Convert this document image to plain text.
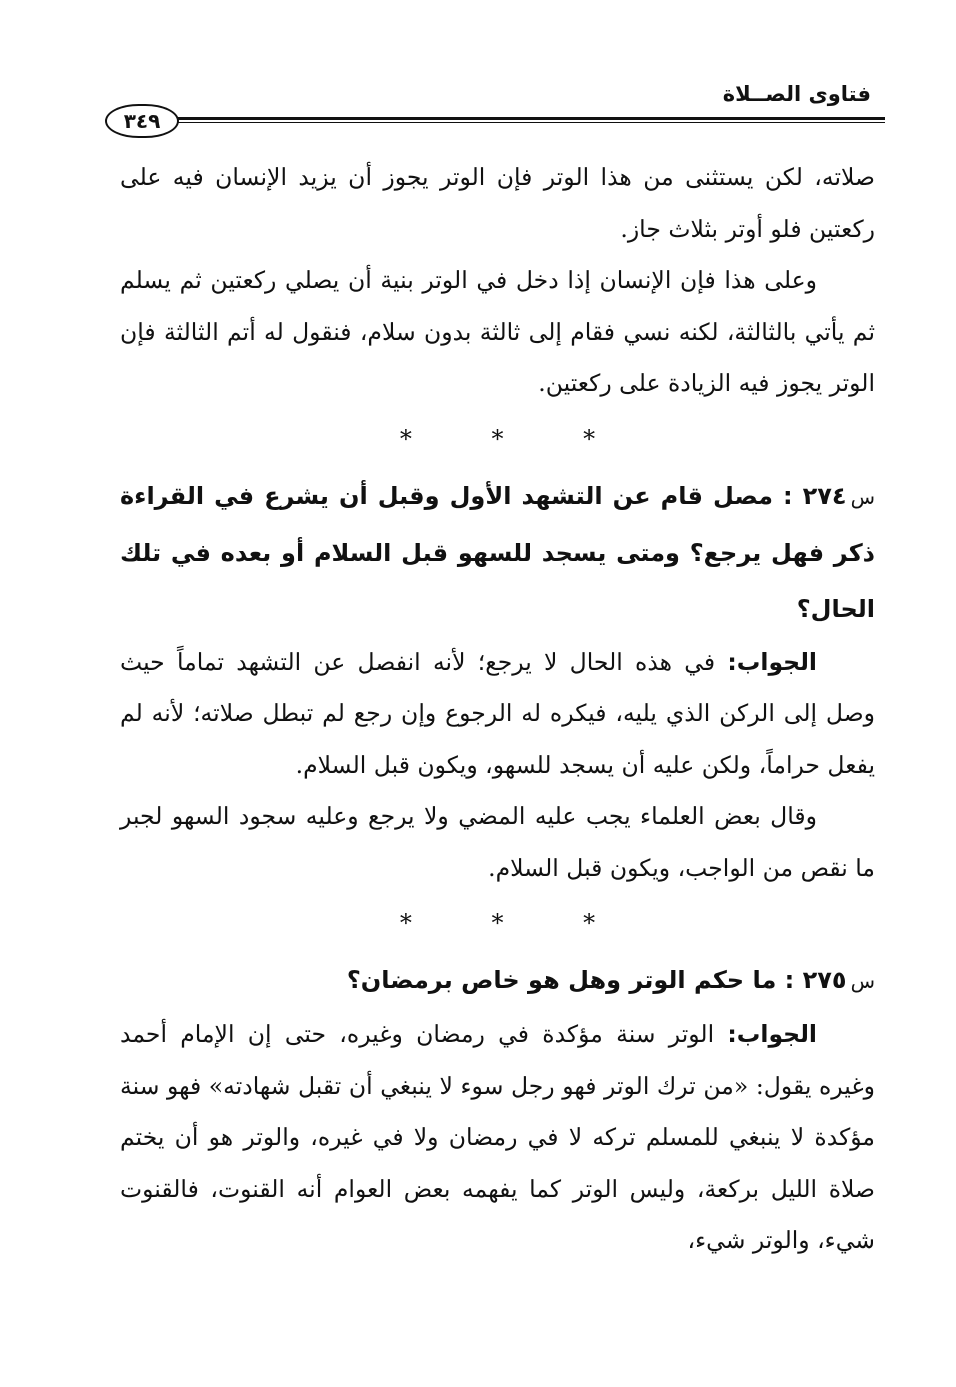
فتاوى الصــلاة
٣٤٩

صلاته، لكن يستثنى من هذا الوتر فإن الوتر يجوز أن يزيد الإنسان فيه على ركعتين فلو أوتر بثلاث جاز.

وعلى هذا فإن الإنسان إذا دخل في الوتر بنية أن يصلي ركعتين ثم يسلم ثم يأتي بالثالثة، لكنه نسي فقام إلى ثالثة بدون سلام، فنقول له أتم الثالثة فإن الوتر يجوز فيه الزيادة على ركعتين.

* * *

س٢٧٤ : مصل قام عن التشهد الأول وقبل أن يشرع في القراءة ذكر فهل يرجع؟ ومتى يسجد للسهو قبل السلام أو بعده في تلك الحال؟

الجواب: في هذه الحال لا يرجع؛ لأنه انفصل عن التشهد تماماً حيث وصل إلى الركن الذي يليه، فيكره له الرجوع وإن رجع لم تبطل صلاته؛ لأنه لم يفعل حراماً، ولكن عليه أن يسجد للسهو، ويكون قبل السلام.

وقال بعض العلماء يجب عليه المضي ولا يرجع وعليه سجود السهو لجبر ما نقص من الواجب، ويكون قبل السلام.

* * *

س٢٧٥ : ما حكم الوتر وهل هو خاص برمضان؟

الجواب: الوتر سنة مؤكدة في رمضان وغيره، حتى إن الإمام أحمد وغيره يقول: «من ترك الوتر فهو رجل سوء لا ينبغي أن تقبل شهادته» فهو سنة مؤكدة لا ينبغي للمسلم تركه لا في رمضان ولا في غيره، والوتر هو أن يختم صلاة الليل بركعة، وليس الوتر كما يفهمه بعض العوام أنه القنوت، فالقنوت شيء، والوتر شيء،
